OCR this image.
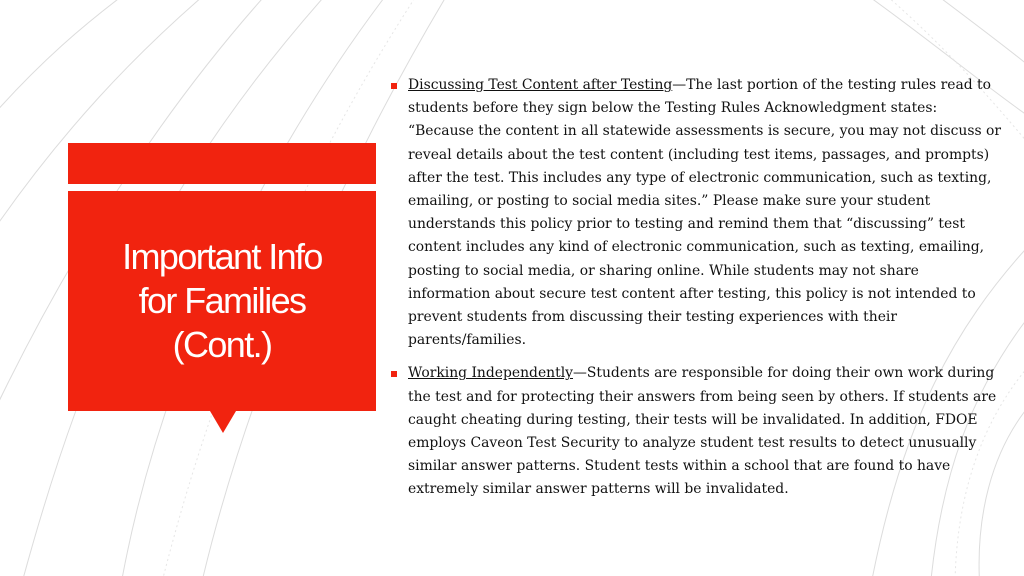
Important Info
for Families
(Cont.)
Discussing Test Content after Testing—The last portion of the testing rules read to students before they sign below the Testing Rules Acknowledgment states: “Because the content in all statewide assessments is secure, you may not discuss or reveal details about the test content (including test items, passages, and prompts) after the test. This includes any type of electronic communication, such as texting, emailing, or posting to social media sites.” Please make sure your student understands this policy prior to testing and remind them that “discussing” test content includes any kind of electronic communication, such as texting, emailing, posting to social media, or sharing online. While students may not share information about secure test content after testing, this policy is not intended to prevent students from discussing their testing experiences with their parents/families.
Working Independently—Students are responsible for doing their own work during the test and for protecting their answers from being seen by others. If students are caught cheating during testing, their tests will be invalidated. In addition, FDOE employs Caveon Test Security to analyze student test results to detect unusually similar answer patterns. Student tests within a school that are found to have extremely similar answer patterns will be invalidated.
